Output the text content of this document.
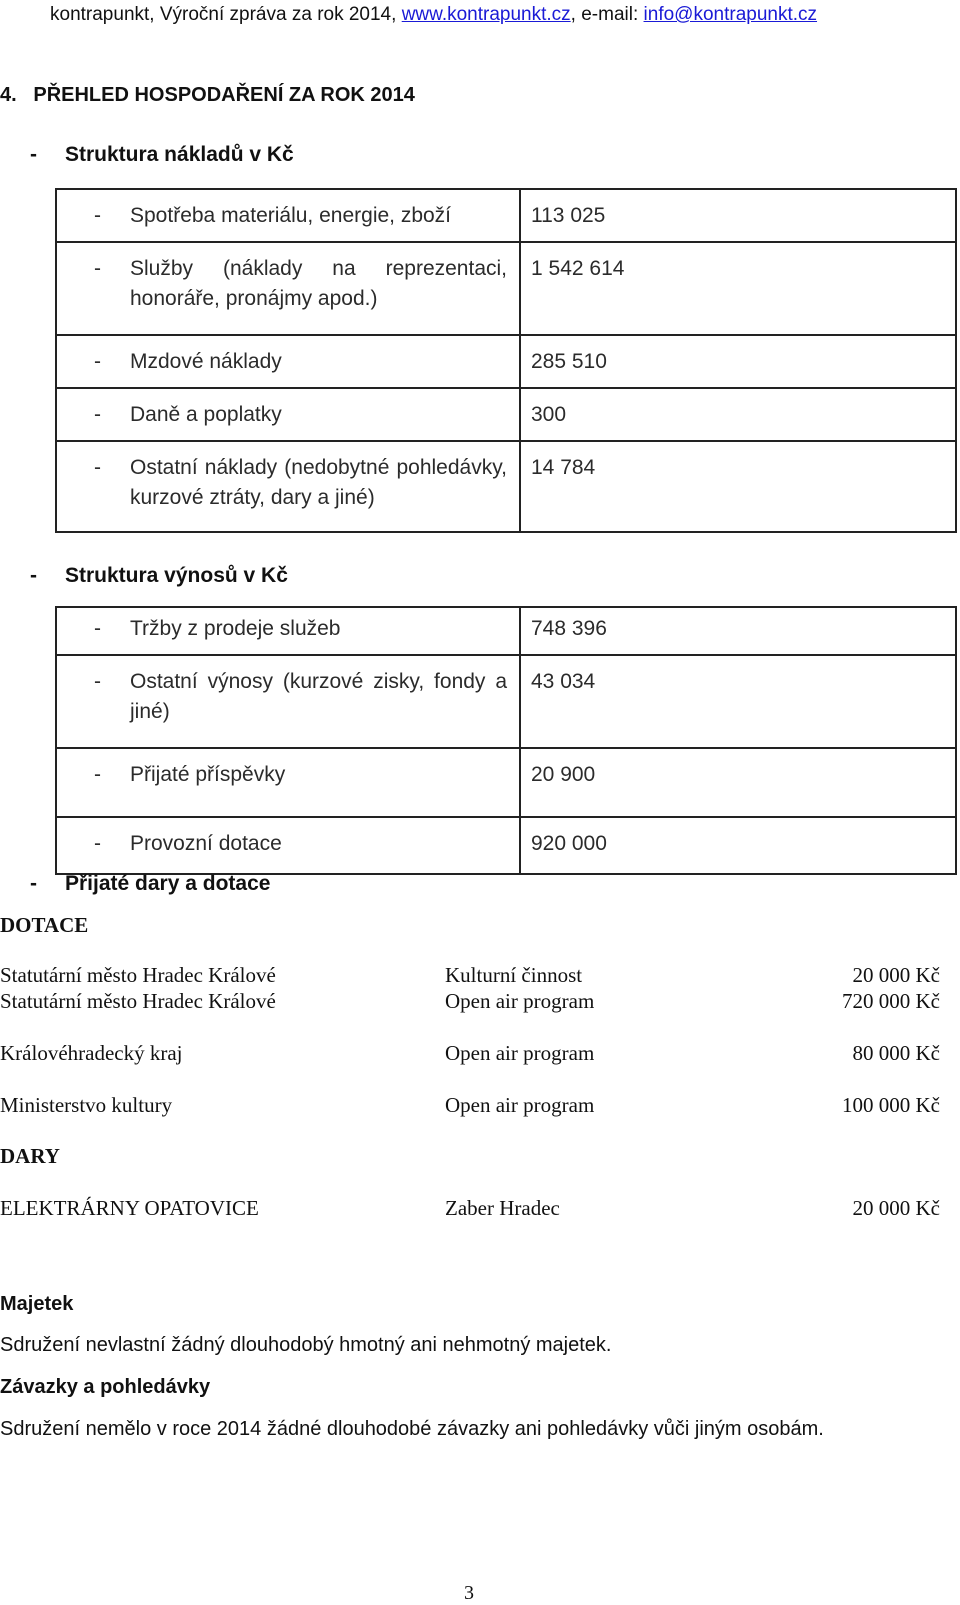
kontrapunkt, Výroční zpráva za rok 2014, www.kontrapunkt.cz, e-mail: info@kontrapunkt.cz
4.   PŘEHLED HOSPODAŘENÍ ZA ROK 2014
- Struktura nákladů v Kč
- Spotřeba materiálu, energie, zboží	113 025

- Služby (náklady na reprezentaci, honoráře, pronájmy apod.)	1 542 614

- Mzdové náklady	285 510

- Daně a poplatky	300

- Ostatní náklady (nedobytné pohledávky, kurzové ztráty, dary a jiné)	14 784
- Struktura výnosů v Kč
- Tržby z prodeje služeb	748 396

- Ostatní výnosy (kurzové zisky, fondy a jiné)	43 034

- Přijaté příspěvky	20 900

- Provozní dotace	920 000
- Přijaté dary a dotace
DOTACE
Statutární město Hradec Králové	Kulturní činnost	20 000 Kč
Statutární město Hradec Králové	Open air program	720 000 Kč
Královéhradecký kraj	Open air program	80 000 Kč
Ministerstvo kultury	Open air program	100 000 Kč
DARY
ELEKTRÁRNY OPATOVICE	Zaber Hradec	20 000 Kč
Majetek
Sdružení nevlastní žádný dlouhodobý hmotný ani nehmotný majetek.
Závazky a pohledávky
Sdružení nemělo v roce 2014 žádné dlouhodobé závazky ani pohledávky vůči jiným osobám.
3
